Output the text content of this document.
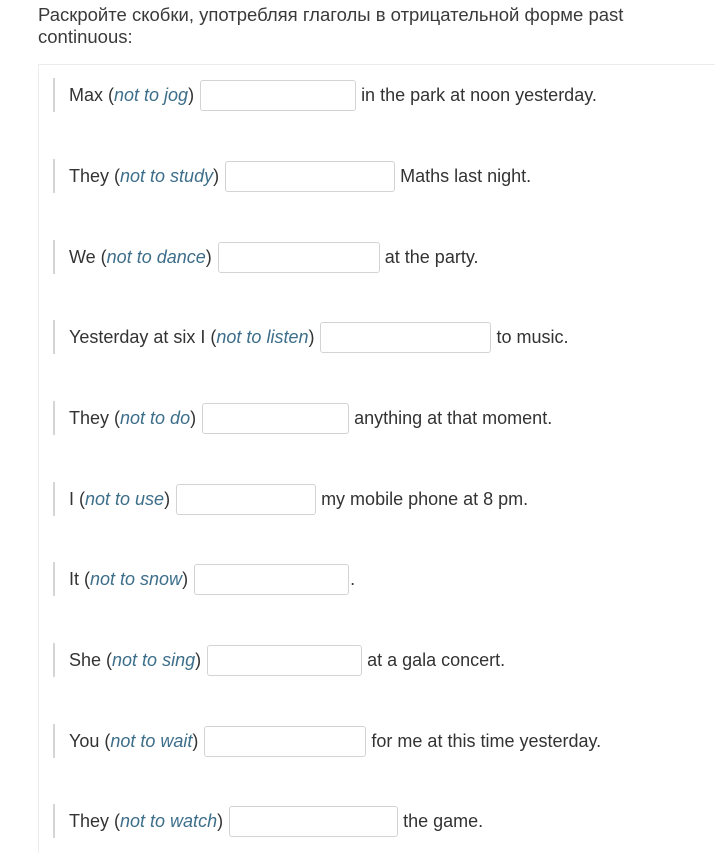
Раскройте скобки, употребляя глаголы в отрицательной форме past continuous:
Max ( not to jog )	in the park at noon yesterday.
They ( not to study )	Maths last night.
We ( not to dance )	at the party.
Yesterday at six I ( not to listen )	to music.
They ( not to do )	anything at that moment.
I ( not to use )	my mobile phone at 8 pm.
It ( not to snow )	.
She ( not to sing )	at a gala concert.
You ( not to wait )	for me at this time yesterday.
They ( not to watch )	the game.
